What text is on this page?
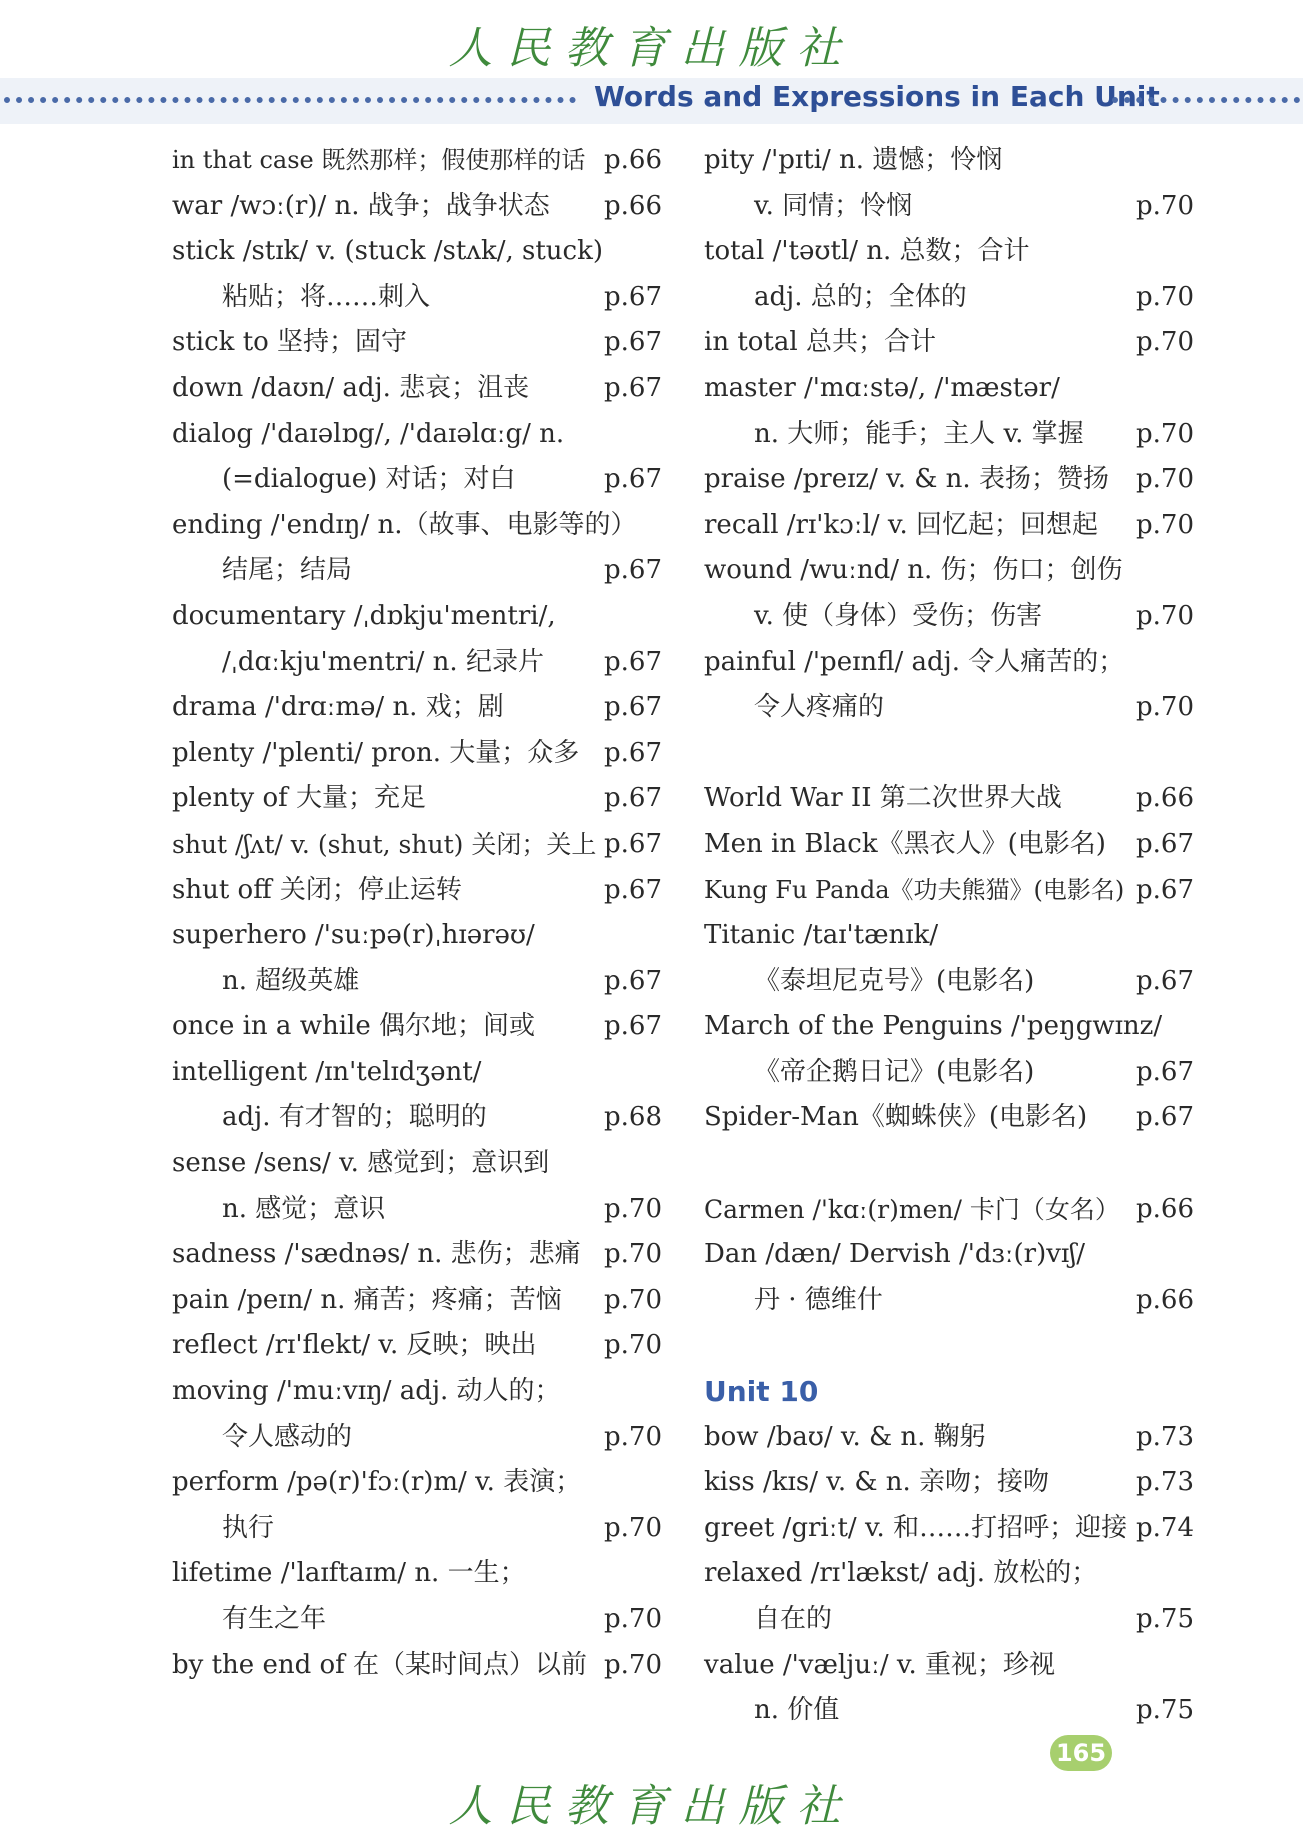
人民教育出版社
Words and Expressions in Each Unit
in that case 既然那样；假使那样的话 p.66
war /wɔː(r)/ n. 战争；战争状态 p.66
stick /stɪk/ v. (stuck /stʌk/, stuck)
粘贴；将……刺入	p.67
stick to 坚持；固守	p.67
down /daʊn/ adj. 悲哀；沮丧	p.67
dialog /'daɪəlɒg/, /'daɪəlɑːg/ n.
(=dialogue) 对话；对白	p.67
ending /'endɪŋ/ n.（故事、电影等的）
结尾；结局	p.67
documentary /ˌdɒkju'mentri/,
/ˌdɑːkju'mentri/ n. 纪录片 p.67
drama /'drɑːmə/ n. 戏；剧	p.67
plenty /'plenti/ pron. 大量；众多 p.67
plenty of 大量；充足	p.67
shut /ʃʌt/ v. (shut, shut) 关闭；关上 p.67
shut off 关闭；停止运转	p.67
superhero /'suːpə(r)ˌhɪərəʊ/
n. 超级英雄	p.67
once in a while 偶尔地；间或	p.67
intelligent /ɪn'telɪdʒənt/
adj. 有才智的；聪明的	p.68
sense /sens/ v. 感觉到；意识到
n. 感觉；意识	p.70
sadness /'sædnəs/ n. 悲伤；悲痛 p.70
pain /peɪn/ n. 痛苦；疼痛；苦恼 p.70
reflect /rɪ'flekt/ v. 反映；映出	p.70
moving /'muːvɪŋ/ adj. 动人的；
令人感动的	p.70
perform /pə(r)'fɔː(r)m/ v. 表演；
执行	p.70
lifetime /'laɪftaɪm/ n. 一生；
有生之年	p.70
by the end of 在（某时间点）以前 p.70
pity /'pɪti/ n. 遗憾；怜悯
v. 同情；怜悯	p.70
total /'təʊtl/ n. 总数；合计
adj. 总的；全体的	p.70
in total 总共；合计	p.70
master /'mɑːstə/, /'mæstər/
n. 大师；能手；主人 v. 掌握 p.70
praise /preɪz/ v. & n. 表扬；赞扬 p.70
recall /rɪ'kɔːl/ v. 回忆起；回想起 p.70
wound /wuːnd/ n. 伤；伤口；创伤
v. 使（身体）受伤；伤害	p.70
painful /'peɪnfl/ adj. 令人痛苦的；
令人疼痛的	p.70
World War II 第二次世界大战	p.66
Men in Black《黑衣人》(电影名) p.67
Kung Fu Panda《功夫熊猫》(电影名) p.67
Titanic /taɪ'tænɪk/
《泰坦尼克号》(电影名)	p.67
March of the Penguins /'peŋgwɪnz/
《帝企鹅日记》(电影名)	p.67
Spider-Man《蜘蛛侠》(电影名) p.67
Carmen /'kɑː(r)men/ 卡门（女名） p.66
Dan /dæn/ Dervish /'dɜː(r)vɪʃ/
丹 · 德维什	p.66
Unit 10
bow /baʊ/ v. & n. 鞠躬	p.73
kiss /kɪs/ v. & n. 亲吻；接吻	p.73
greet /griːt/ v. 和……打招呼；迎接 p.74
relaxed /rɪ'lækst/ adj. 放松的；
自在的	p.75
value /'væljuː/ v. 重视；珍视
n. 价值	p.75
165
人民教育出版社
